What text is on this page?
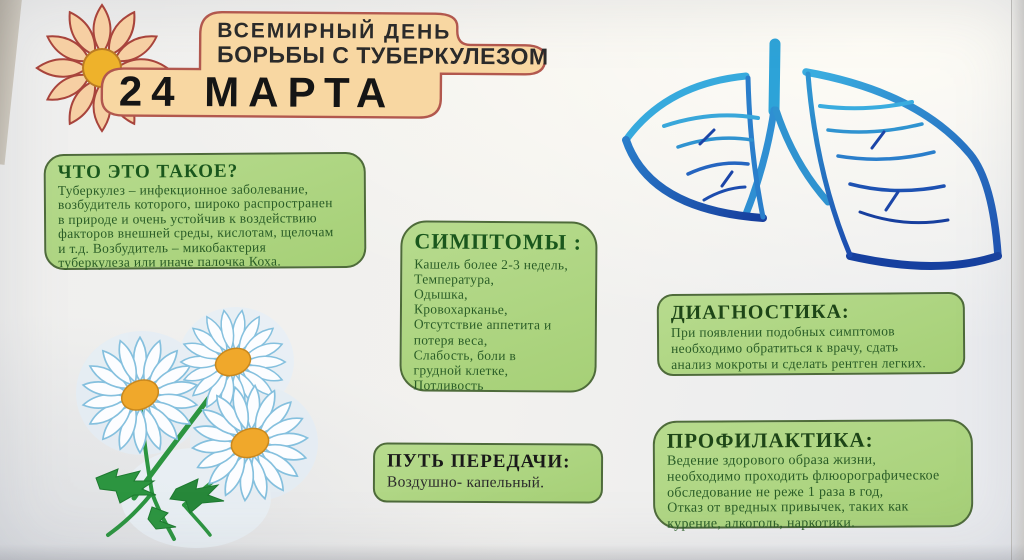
ВСЕМИРНЫЙ ДЕНЬ
БОРЬБЫ С ТУБЕРКУЛЕЗОМ
24 МАРТА
ЧТО ЭТО ТАКОЕ?
Туберкулез – инфекционное заболевание,
возбудитель которого, широко распространен
в природе и очень устойчив к воздействию
факторов внешней среды, кислотам, щелочам
и т.д. Возбудитель – микобактерия
туберкулеза или иначе палочка Коха.
СИМПТОМЫ :
Кашель более 2-3 недель,
Температура,
Одышка,
Кровохарканье,
Отсутствие аппетита и
потеря веса,
Слабость, боли в
грудной клетке,
Потливость
ДИАГНОСТИКА:
При появлении подобных симптомов
необходимо обратиться к врачу, сдать
анализ мокроты и сделать рентген легких.
ПУТЬ ПЕРЕДАЧИ:
Воздушно- капельный.
ПРОФИЛАКТИКА:
Ведение здорового образа жизни,
необходимо проходить флюорографическое
обследование не реже 1 раза в год,
Отказ от вредных привычек, таких как
курение, алкоголь, наркотики.
